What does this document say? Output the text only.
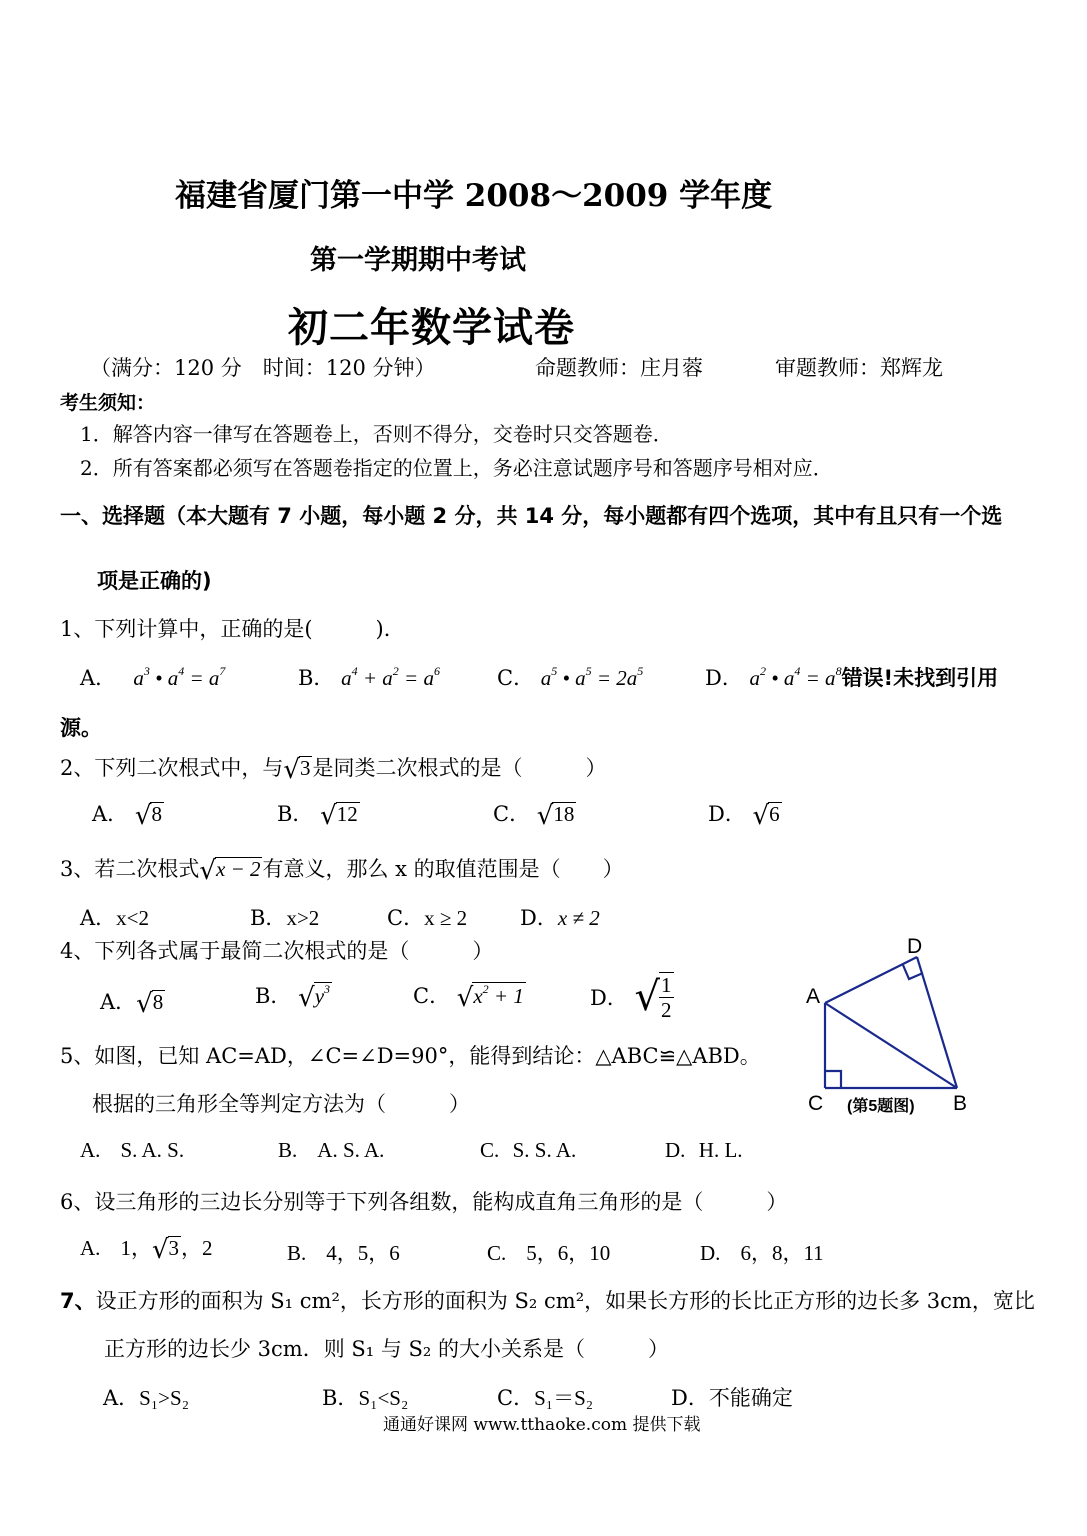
福建省厦门第一中学 2008～2009 学年度
第一学期期中考试
初二年数学试卷
（满分：120 分　时间：120 分钟）	命题教师：庄月蓉	审题教师：郑辉龙
考生须知：
1．解答内容一律写在答题卷上，否则不得分，交卷时只交答题卷．
2．所有答案都必须写在答题卷指定的位置上，务必注意试题序号和答题序号相对应．
一、选择题（本大题有 7 小题，每小题 2 分，共 14 分，每小题都有四个选项，其中有且只有一个选
项是正确的)
1、下列计算中，正确的是(　　　)．
A．   $a^3$ • $a^4 = a^7$	B． $a^4 + a^2 = a^6$	C． $a^5$ • $a^5 = 2a^5$	D． $a^2$ • $a^4 = a^8$错误!未找到引用
源。
2、下列二次根式中，与√3是同类二次根式的是（　　　）
A． √8	B． √12	C． √18	D． √6
3、若二次根式√x − 2有意义，那么 x 的取值范围是（　　）
A．x<2	B．x>2	C．x ≥ 2	D．x ≠ 2
4、下列各式属于最简二次根式的是（　　　）
A．√8	B． $√y^3$	C． $√x^2 + 1$	D． √ $\frac{1}{2}$	A
B
C
D
(第5题图)
5、如图，已知 AC=AD，∠C=∠D=90°，能得到结论：△ABC≌△ABD。
根据的三角形全等判定方法为（　　　）
A. S. A. S.	B. A. S. A.	C. S. S. A.	D. H. L.
6、设三角形的三边长分别等于下列各组数，能构成直角三角形的是（　　　）
A. 1，√3，2	B. 4，5，6	C. 5，6，10	D. 6，8，11
7、设正方形的面积为 S₁ cm²，长方形的面积为 S₂ cm²，如果长方形的长比正方形的边长多 3cm，宽比
正方形的边长少 3cm．则 S₁ 与 S₂ 的大小关系是（　　　）
A．S₁>S₂	B．S₁<S₂	C．S₁＝S₂	D．不能确定
通通好课网 www.tthaoke.com 提供下载
